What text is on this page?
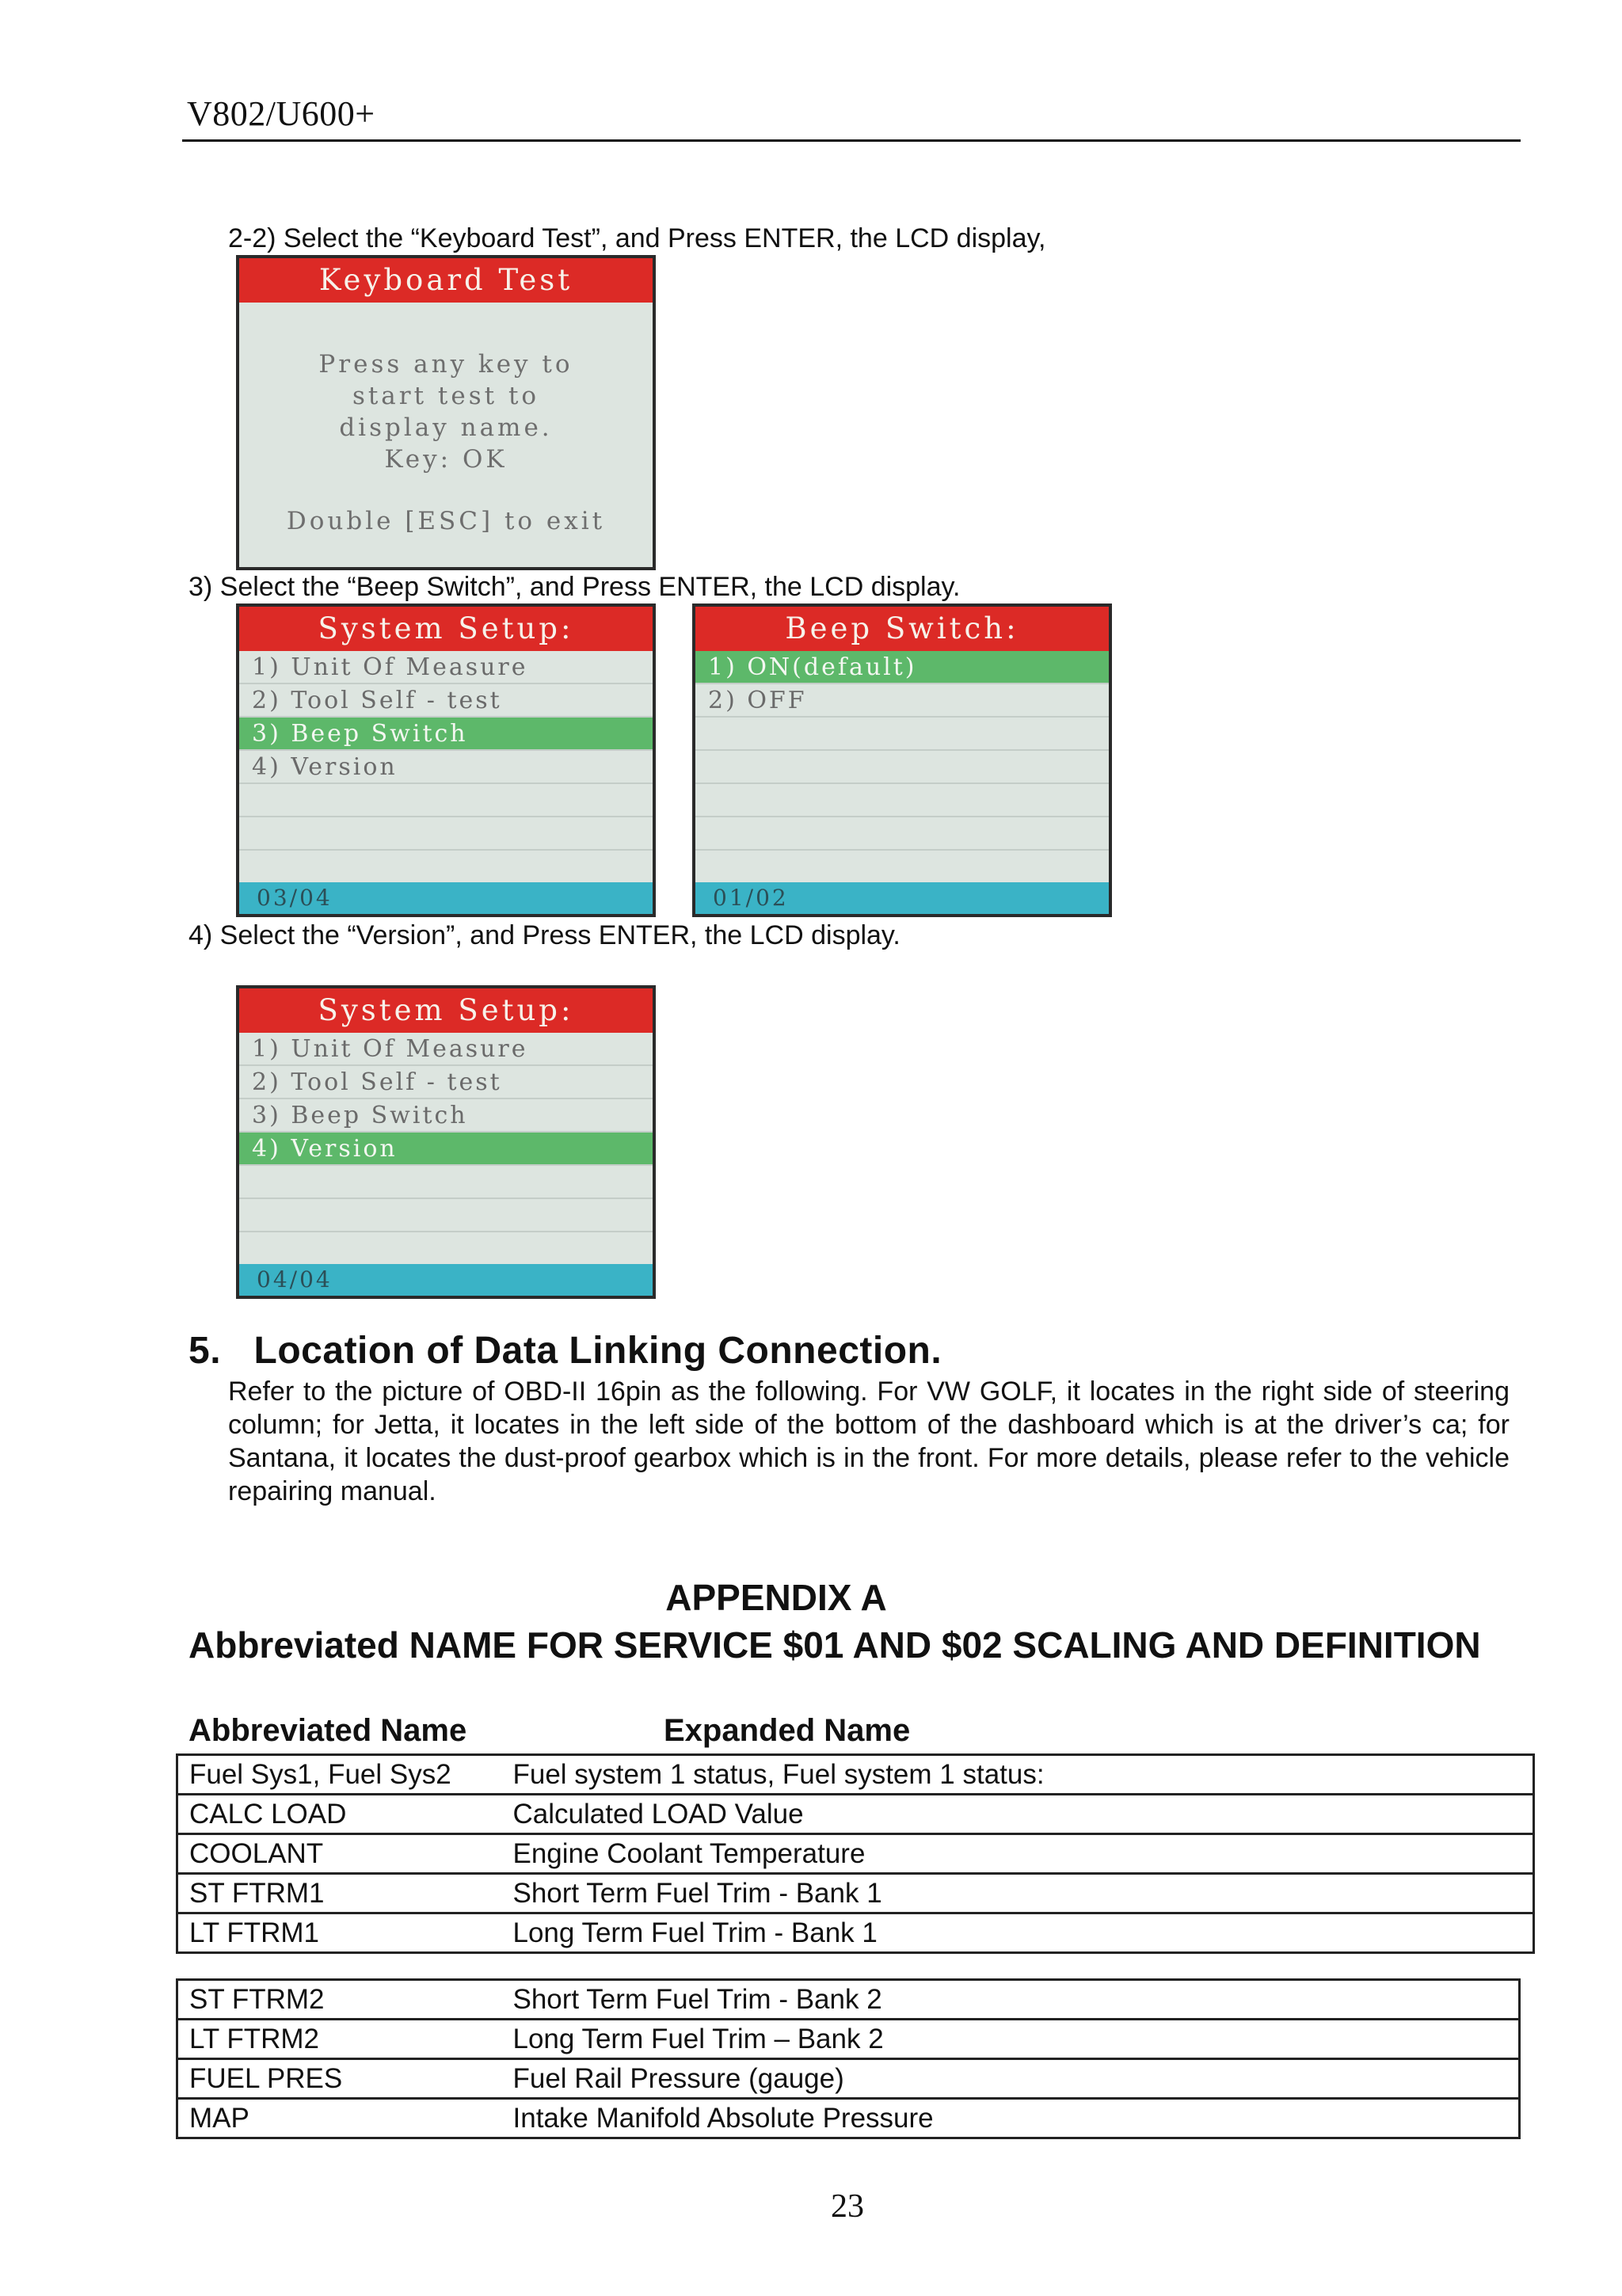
V802/U600+
2-2) Select the “Keyboard Test”, and Press ENTER, the LCD display,
Keyboard Test
Press any key to
start test to
display name.
Key: OK
Double [ESC] to exit
3) Select the “Beep Switch”, and Press ENTER, the LCD display.
System Setup:
1) Unit Of Measure
2) Tool Self - test
3) Beep Switch
4) Version
03/04
Beep Switch:
1) ON(default)
2) OFF
01/02
4) Select the “Version”, and Press ENTER, the LCD display.
System Setup:
1) Unit Of Measure
2) Tool Self - test
3) Beep Switch
4) Version
04/04
5.   Location of Data Linking Connection.
Refer to the picture of OBD-II 16pin as the following. For VW GOLF, it locates in the right side of steering column; for Jetta, it locates in the left side of the bottom of the dashboard which is at the driver’s ca; for Santana, it locates the dust-proof gearbox which is in the front. For more details, please refer to the vehicle repairing manual.
APPENDIX A
Abbreviated NAME FOR SERVICE $01 AND $02 SCALING AND DEFINITION
Abbreviated Name	Expanded Name
Fuel Sys1, Fuel Sys2	Fuel system 1 status, Fuel system 1 status:
CALC LOAD	Calculated LOAD Value
COOLANT	Engine Coolant Temperature
ST FTRM1	Short Term Fuel Trim - Bank 1
LT FTRM1	Long Term Fuel Trim - Bank 1
ST FTRM2	Short Term Fuel Trim - Bank 2
LT FTRM2	Long Term Fuel Trim – Bank 2
FUEL PRES	Fuel Rail Pressure (gauge)
MAP	Intake Manifold Absolute Pressure
23
